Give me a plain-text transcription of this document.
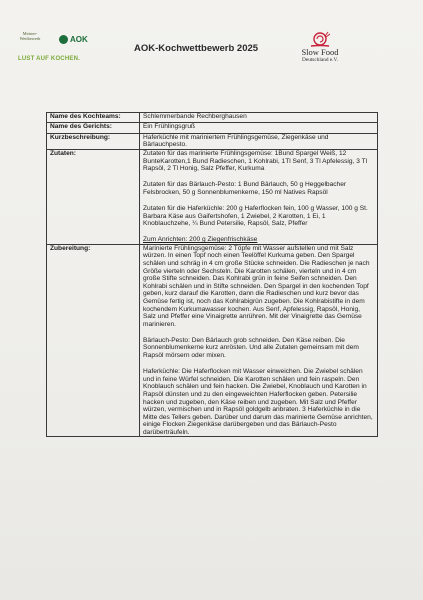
Meister-Wettbewerb	AOK
LUST AUF KOCHEN.
AOK-Kochwettbewerb 2025	Slow Food
Deutschland e.V.
Name des Kochteams:	Schlemmerbande Rechberghausen
Name des Gerichts:	Ein Frühlingsgruß
Kurzbeschreibung:	Haferküchle mit mariniertem Frühlingsgemüse, Ziegenkäse und Bärlauchpesto.
Zutaten:	Zutaten für das marinierte Frühlingsgemüse: 1Bund Spargel Weiß, 12 BunteKarotten,1 Bund Radieschen, 1 Kohlrabi, 1Tl Senf, 3 Tl Apfelessig, 3 Tl Rapsöl, 2 Tl Honig, Salz Pfeffer, Kurkuma

Zutaten für das Bärlauch-Pesto: 1 Bund Bärlauch, 50 g Heggelbacher Felsbrocken, 50 g Sonnenblumenkerne, 150 ml Natives Rapsöl

Zutaten für die Haferküchle: 200 g Haferflocken fein, 100 g Wasser, 100 g St. Barbara Käse aus Gaifertshofen, 1 Zwiebel, 2 Karotten, 1 Ei, 1 Knoblauchzehe, ¼ Bund Petersilie, Rapsöl, Salz, Pfeffer

Zum Anrichten: 200 g Ziegenfrischkäse

Zubereitung:	Marinierte Frühlingsgemüse: 2 Töpfe mit Wasser aufstellen und mit Salz würzen. In einen Topf noch einen Teelöffel Kurkuma geben. Den Spargel schälen und schräg in 4 cm große Stücke schneiden. Die Radieschen je nach Größe vierteln oder Sechsteln. Die Karotten schälen, vierteln und in 4 cm große Stifte schneiden. Das Kohlrabi grün in feine Seifen schneiden. Den Kohlrabi schälen und in Stifte schneiden. Den Spargel in den kochenden Topf geben, kurz darauf die Karotten, dann die Radieschen und kurz bevor das Gemüse fertig ist, noch das Kohlrabigrün zugeben. Die Kohlrabistifte in dem kochendem Kurkumawasser kochen. Aus Senf, Apfelessig, Rapsöl, Honig, Salz und Pfeffer eine Vinaigrette anrühren. Mit der Vinaigrette das Gemüse marinieren.

Bärlauch-Pesto: Den Bärlauch grob schneiden. Den Käse reiben. Die Sonnenblumenkerne kurz anrösten. Und alle Zutaten gemeinsam mit dem Rapsöl mörsern oder mixen.

Haferküchle: Die Haferflocken mit Wasser einweichen. Die Zwiebel schälen und in feine Würfel schneiden. Die Karotten schälen und fein raspeln. Den Knoblauch schälen und fein hacken. Die Zwiebel, Knoblauch und Karotten in Rapsöl dünsten und zu den eingeweichten Haferflocken geben. Petersilie hacken und zugeben, den Käse reiben und zugeben. Mit Salz und Pfeffer würzen, vermischen und in Rapsöl goldgelb anbraten. 3 Haferküchle in die Mitte des Tellers geben. Darüber und darum das marinierte Gemüse anrichten, einige Flocken Ziegenkäse darübergeben und das Bärlauch-Pesto darüberträufeln.
